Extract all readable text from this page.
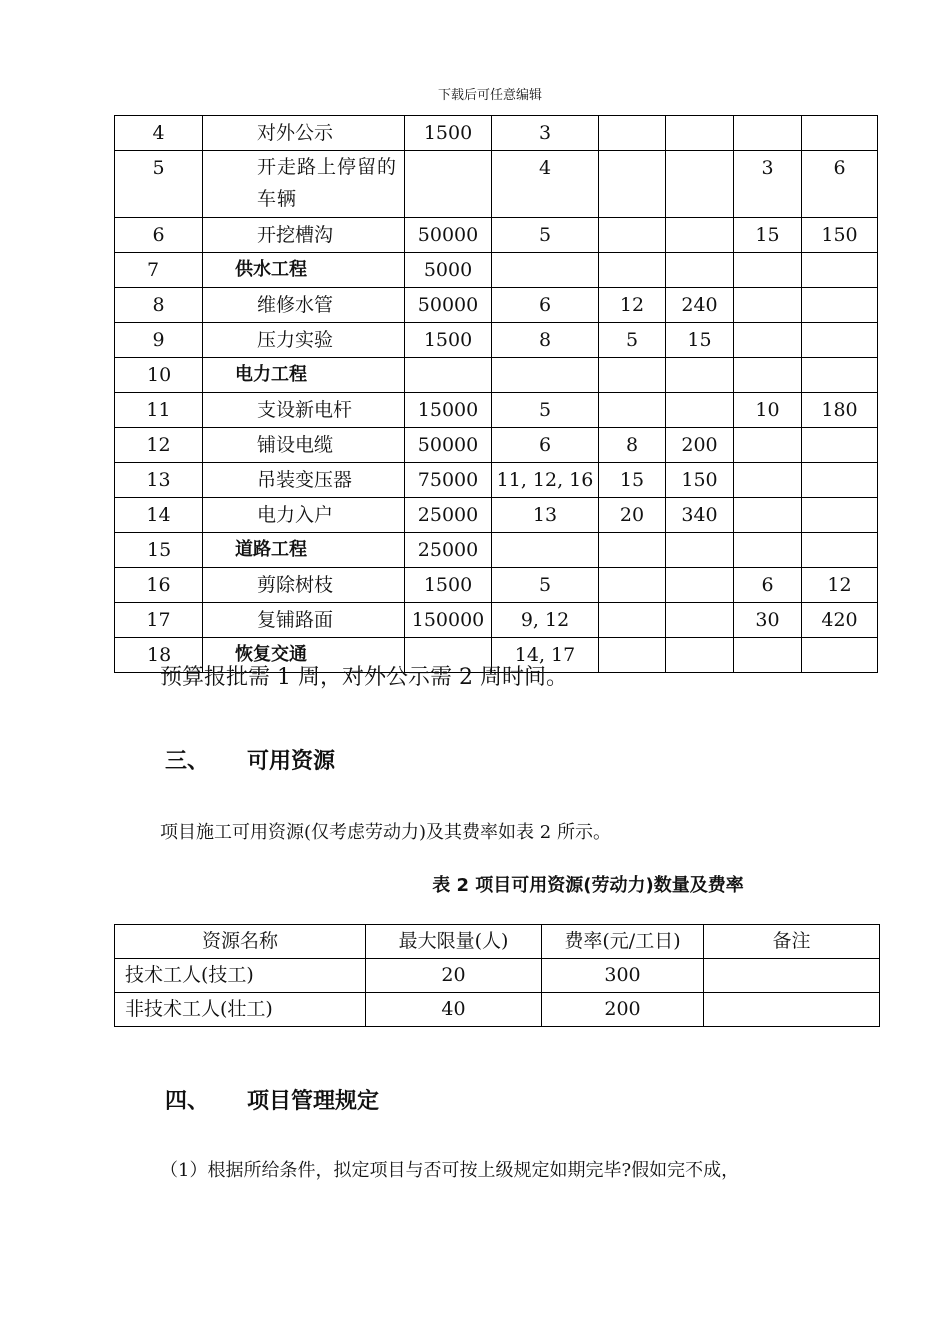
下载后可任意编辑
4	对外公示	1500	3				
5	开走路上停留的车辆		4			3	6
6	开挖槽沟	50000	5			15	150
7	供水工程	5000					
8	维修水管	50000	6	12	240		
9	压力实验	1500	8	5	15		
10	电力工程						
11	支设新电杆	15000	5			10	180
12	铺设电缆	50000	6	8	200		
13	吊装变压器	75000	11, 12, 16	15	150		
14	电力入户	25000	13	20	340		
15	道路工程	25000					
16	剪除树枝	1500	5			6	12
17	复铺路面	150000	9, 12			30	420
18	恢复交通		14, 17				
预算报批需 1 周，对外公示需 2 周时间。
三、 可用资源
项目施工可用资源(仅考虑劳动力)及其费率如表 2 所示。
表 2 项目可用资源(劳动力)数量及费率
资源名称	最大限量(人)	费率(元/工日)	备注
技术工人(技工)	20	300	
非技术工人(壮工)	40	200	
四、 项目管理规定
（1）根据所给条件，拟定项目与否可按上级规定如期完毕?假如完不成，
